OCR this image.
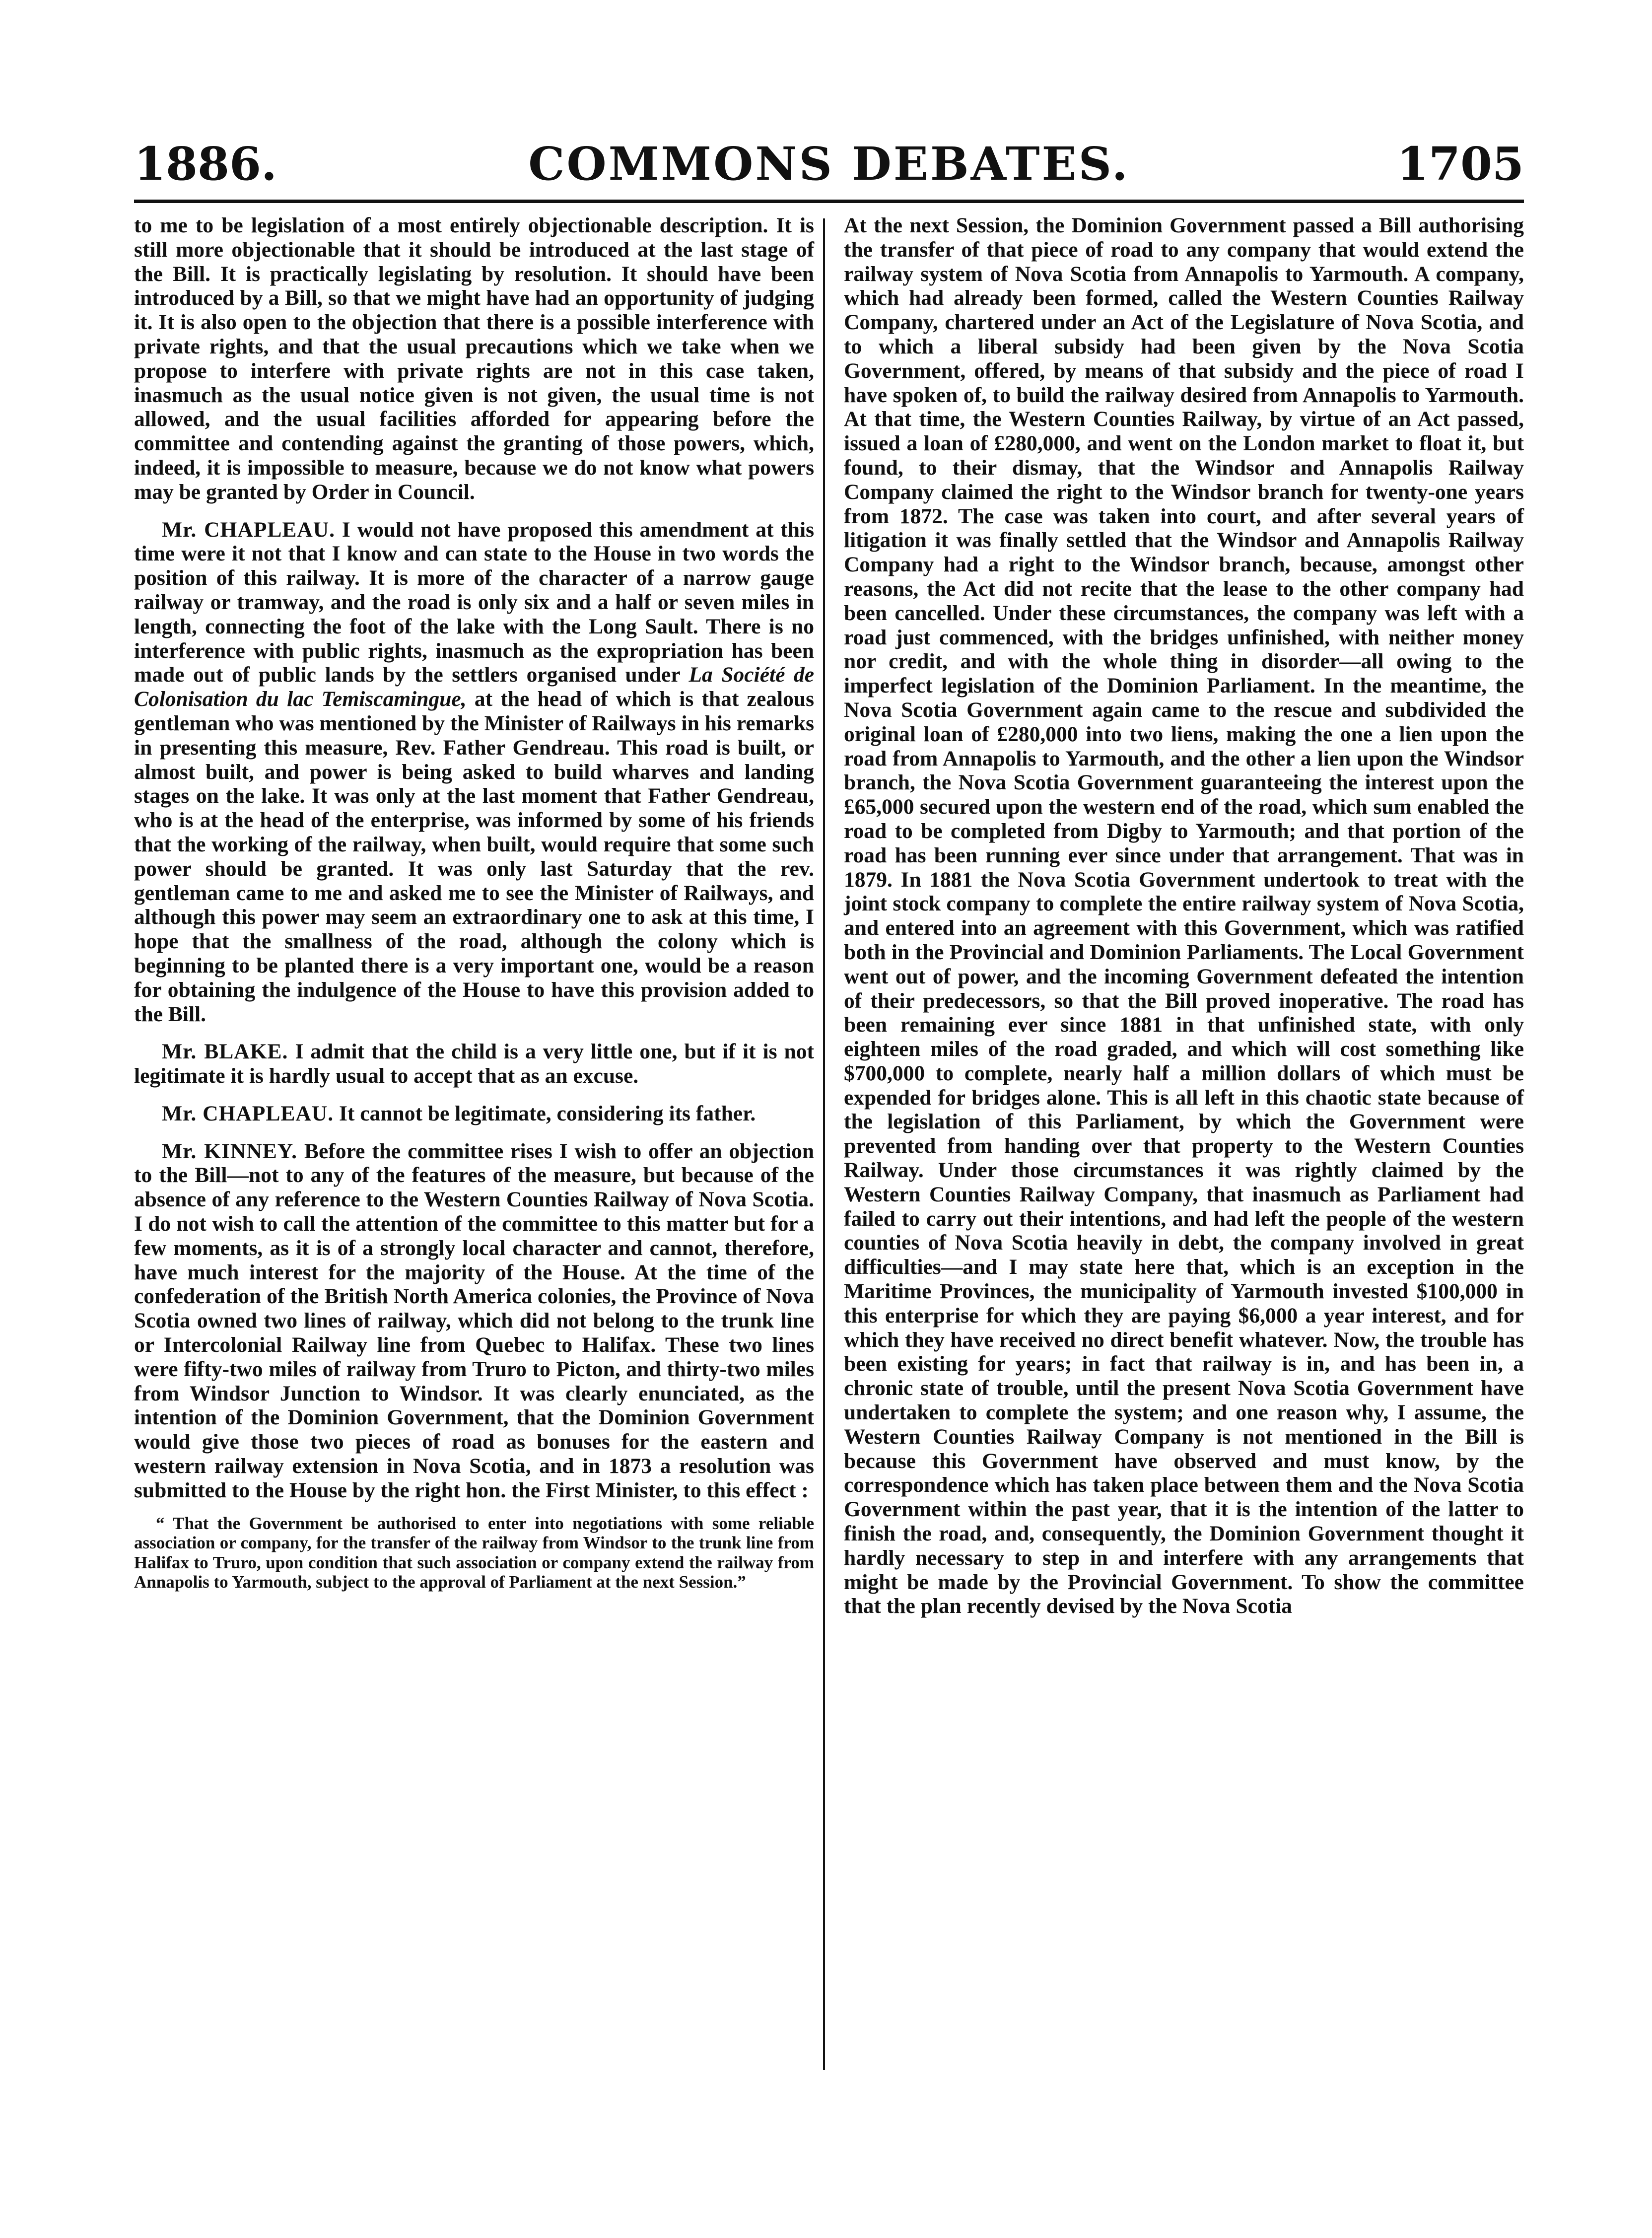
COMMONS DEBATES.
1886.	1705

to me to be legislation of a most entirely objectionable description. It is still more objectionable that it should be introduced at the last stage of the Bill. It is practically legislating by resolution. It should have been introduced by a Bill, so that we might have had an opportunity of judging it. It is also open to the objection that there is a possible interference with private rights, and that the usual precautions which we take when we propose to interfere with private rights are not in this case taken, inasmuch as the usual notice given is not given, the usual time is not allowed, and the usual facilities afforded for appearing before the committee and contending against the granting of those powers, which, indeed, it is impossible to measure, because we do not know what powers may be granted by Order in Council.

Mr. CHAPLEAU. I would not have proposed this amendment at this time were it not that I know and can state to the House in two words the position of this railway. It is more of the character of a narrow gauge railway or tramway, and the road is only six and a half or seven miles in length, connecting the foot of the lake with the Long Sault. There is no interference with public rights, inasmuch as the expropriation has been made out of public lands by the settlers organised under La Société de Colonisation du lac Temiscamingue, at the head of which is that zealous gentleman who was mentioned by the Minister of Railways in his remarks in presenting this measure, Rev. Father Gendreau. This road is built, or almost built, and power is being asked to build wharves and landing stages on the lake. It was only at the last moment that Father Gendreau, who is at the head of the enterprise, was informed by some of his friends that the working of the railway, when built, would require that some such power should be granted. It was only last Saturday that the rev. gentleman came to me and asked me to see the Minister of Railways, and although this power may seem an extraordinary one to ask at this time, I hope that the smallness of the road, although the colony which is beginning to be planted there is a very important one, would be a reason for obtaining the indulgence of the House to have this provision added to the Bill.

Mr. BLAKE. I admit that the child is a very little one, but if it is not legitimate it is hardly usual to accept that as an excuse.

Mr. CHAPLEAU. It cannot be legitimate, considering its father.

Mr. KINNEY. Before the committee rises I wish to offer an objection to the Bill—not to any of the features of the measure, but because of the absence of any reference to the Western Counties Railway of Nova Scotia. I do not wish to call the attention of the committee to this matter but for a few moments, as it is of a strongly local character and cannot, therefore, have much interest for the majority of the House. At the time of the confederation of the British North America colonies, the Province of Nova Scotia owned two lines of railway, which did not belong to the trunk line or Intercolonial Railway line from Quebec to Halifax. These two lines were fifty-two miles of railway from Truro to Picton, and thirty-two miles from Windsor Junction to Windsor. It was clearly enunciated, as the intention of the Dominion Government, that the Dominion Government would give those two pieces of road as bonuses for the eastern and western railway extension in Nova Scotia, and in 1873 a resolution was submitted to the House by the right hon. the First Minister, to this effect :

“ That the Government be authorised to enter into negotiations with some reliable association or company, for the transfer of the railway from Windsor to the trunk line from Halifax to Truro, upon condition that such association or company extend the railway from Annapolis to Yarmouth, subject to the approval of Parliament at the next Session.”

At the next Session, the Dominion Government passed a Bill authorising the transfer of that piece of road to any company that would extend the railway system of Nova Scotia from Annapolis to Yarmouth. A company, which had already been formed, called the Western Counties Railway Company, chartered under an Act of the Legislature of Nova Scotia, and to which a liberal subsidy had been given by the Nova Scotia Government, offered, by means of that subsidy and the piece of road I have spoken of, to build the railway desired from Annapolis to Yarmouth. At that time, the Western Counties Railway, by virtue of an Act passed, issued a loan of £280,000, and went on the London market to float it, but found, to their dismay, that the Windsor and Annapolis Railway Company claimed the right to the Windsor branch for twenty-one years from 1872. The case was taken into court, and after several years of litigation it was finally settled that the Windsor and Annapolis Railway Company had a right to the Windsor branch, because, amongst other reasons, the Act did not recite that the lease to the other company had been cancelled. Under these circumstances, the company was left with a road just commenced, with the bridges unfinished, with neither money nor credit, and with the whole thing in disorder—all owing to the imperfect legislation of the Dominion Parliament. In the meantime, the Nova Scotia Government again came to the rescue and subdivided the original loan of £280,000 into two liens, making the one a lien upon the road from Annapolis to Yarmouth, and the other a lien upon the Windsor branch, the Nova Scotia Government guaranteeing the interest upon the £65,000 secured upon the western end of the road, which sum enabled the road to be completed from Digby to Yarmouth; and that portion of the road has been running ever since under that arrangement. That was in 1879. In 1881 the Nova Scotia Government undertook to treat with the joint stock company to complete the entire railway system of Nova Scotia, and entered into an agreement with this Government, which was ratified both in the Provincial and Dominion Parliaments. The Local Government went out of power, and the incoming Government defeated the intention of their predecessors, so that the Bill proved inoperative. The road has been remaining ever since 1881 in that unfinished state, with only eighteen miles of the road graded, and which will cost something like $700,000 to complete, nearly half a million dollars of which must be expended for bridges alone. This is all left in this chaotic state because of the legislation of this Parliament, by which the Government were prevented from handing over that property to the Western Counties Railway. Under those circumstances it was rightly claimed by the Western Counties Railway Company, that inasmuch as Parliament had failed to carry out their intentions, and had left the people of the western counties of Nova Scotia heavily in debt, the company involved in great difficulties—and I may state here that, which is an exception in the Maritime Provinces, the municipality of Yarmouth invested $100,000 in this enterprise for which they are paying $6,000 a year interest, and for which they have received no direct benefit whatever. Now, the trouble has been existing for years; in fact that railway is in, and has been in, a chronic state of trouble, until the present Nova Scotia Government have undertaken to complete the system; and one reason why, I assume, the Western Counties Railway Company is not mentioned in the Bill is because this Government have observed and must know, by the correspondence which has taken place between them and the Nova Scotia Government within the past year, that it is the intention of the latter to finish the road, and, consequently, the Dominion Government thought it hardly necessary to step in and interfere with any arrangements that might be made by the Provincial Government. To show the committee that the plan recently devised by the Nova Scotia
